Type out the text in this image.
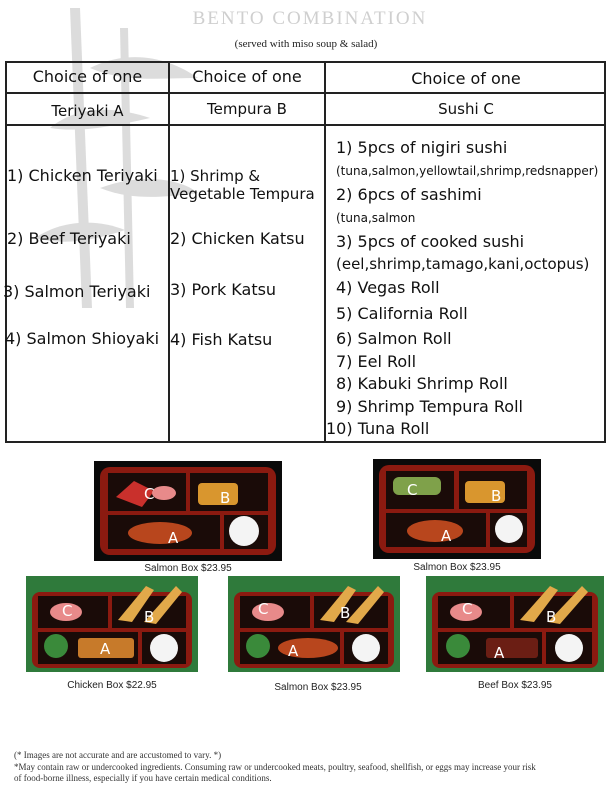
BENTO COMBINATION
(served with miso soup & salad)
Choice of one	Choice of one	Choice of one
Teriyaki A	Tempura B	Sushi C
1) Chicken Teriyaki
2) Beef Teriyaki
3) Salmon Teriyaki
4) Salmon Shioyaki
1) Shrimp &
Vegetable Tempura
2) Chicken Katsu
3) Pork Katsu
4) Fish Katsu
1) 5pcs of nigiri sushi
(tuna,salmon,yellowtail,shrimp,redsnapper)
2) 6pcs of sashimi
(tuna,salmon
3) 5pcs of cooked sushi
(eel,shrimp,tamago,kani,octopus)
4) Vegas Roll
5) California Roll
6) Salmon Roll
7) Eel Roll
8) Kabuki Shrimp Roll
9) Shrimp Tempura Roll
10) Tuna Roll
C	B
A
Salmon Box $23.95
C	B
A
Salmon Box $23.95
C	B
A
Chicken Box $22.95
C	B
A
Salmon Box $23.95
C	B
A
Beef Box $23.95
(* Images are not accurate and are accustomed to vary. *)
*May contain raw or undercooked ingredients. Consuming raw or undercooked meats, poultry, seafood, shellfish, or eggs may increase your risk
of food-borne illness, especially if you have certain medical conditions.
